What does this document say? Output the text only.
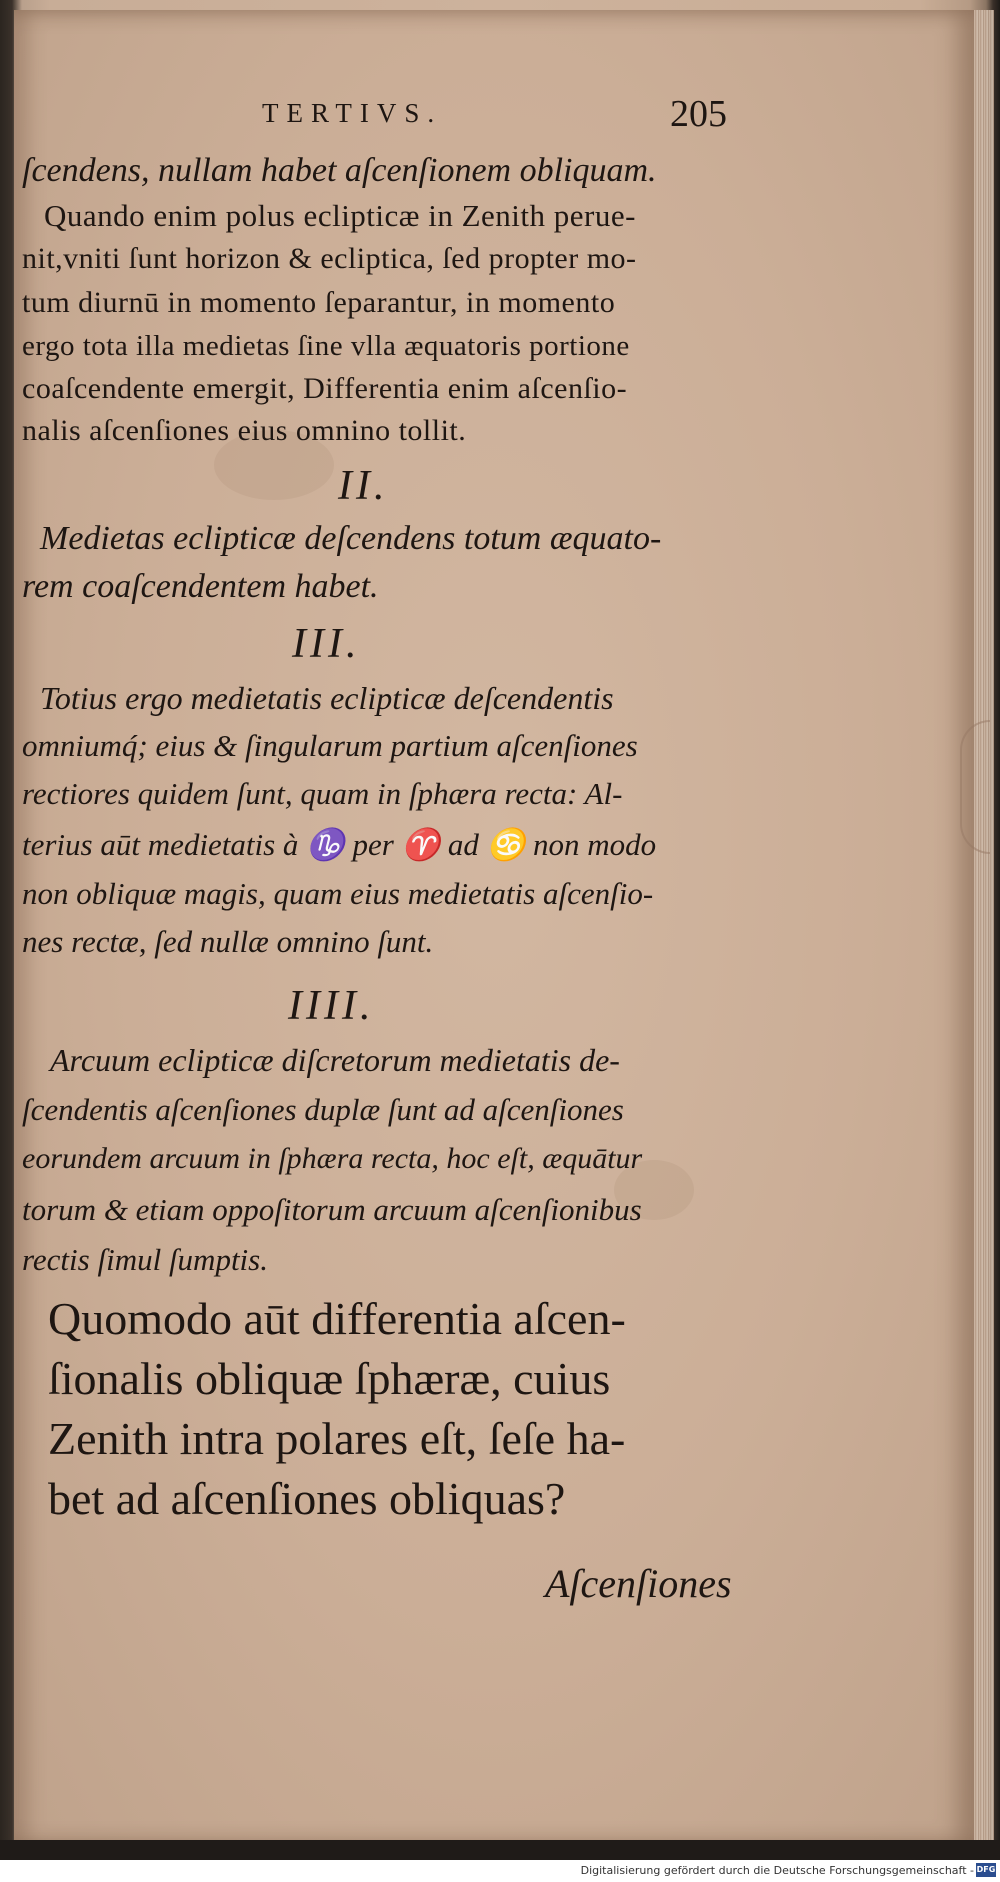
TERTIVS.	205
ſcendens, nullam habet aſcenſionem obliquam.
Quando enim polus eclipticæ in Zenith perue-
nit,vniti ſunt horizon & ecliptica, ſed propter mo-
tum diurnū in momento ſeparantur, in momento
ergo tota illa medietas ſine vlla æquatoris portione
coaſcendente emergit, Differentia enim aſcenſio-
nalis aſcenſiones eius omnino tollit.
II.
Medietas eclipticæ deſcendens totum æquato-
rem coaſcendentem habet.
III.
Totius ergo medietatis eclipticæ deſcendentis
omniumq́; eius & ſingularum partium aſcenſiones
rectiores quidem ſunt, quam in ſphæra recta: Al-
terius aūt medietatis à ♑ per ♈ ad ♋ non modo
non obliquæ magis, quam eius medietatis aſcenſio-
nes rectæ, ſed nullæ omnino ſunt.
IIII.
Arcuum eclipticæ diſcretorum medietatis de-
ſcendentis aſcenſiones duplæ ſunt ad aſcenſiones
eorundem arcuum in ſphæra recta, hoc eſt, æquātur
torum & etiam oppoſitorum arcuum aſcenſionibus
rectis ſimul ſumptis.
Quomodo aūt differentia aſcen-
ſionalis obliquæ ſphæræ, cuius
Zenith intra polares eſt, ſeſe ha-
bet ad aſcenſiones obliquas?
Aſcenſiones
Digitalisierung gefördert durch die Deutsche Forschungsgemeinschaft - DFG
